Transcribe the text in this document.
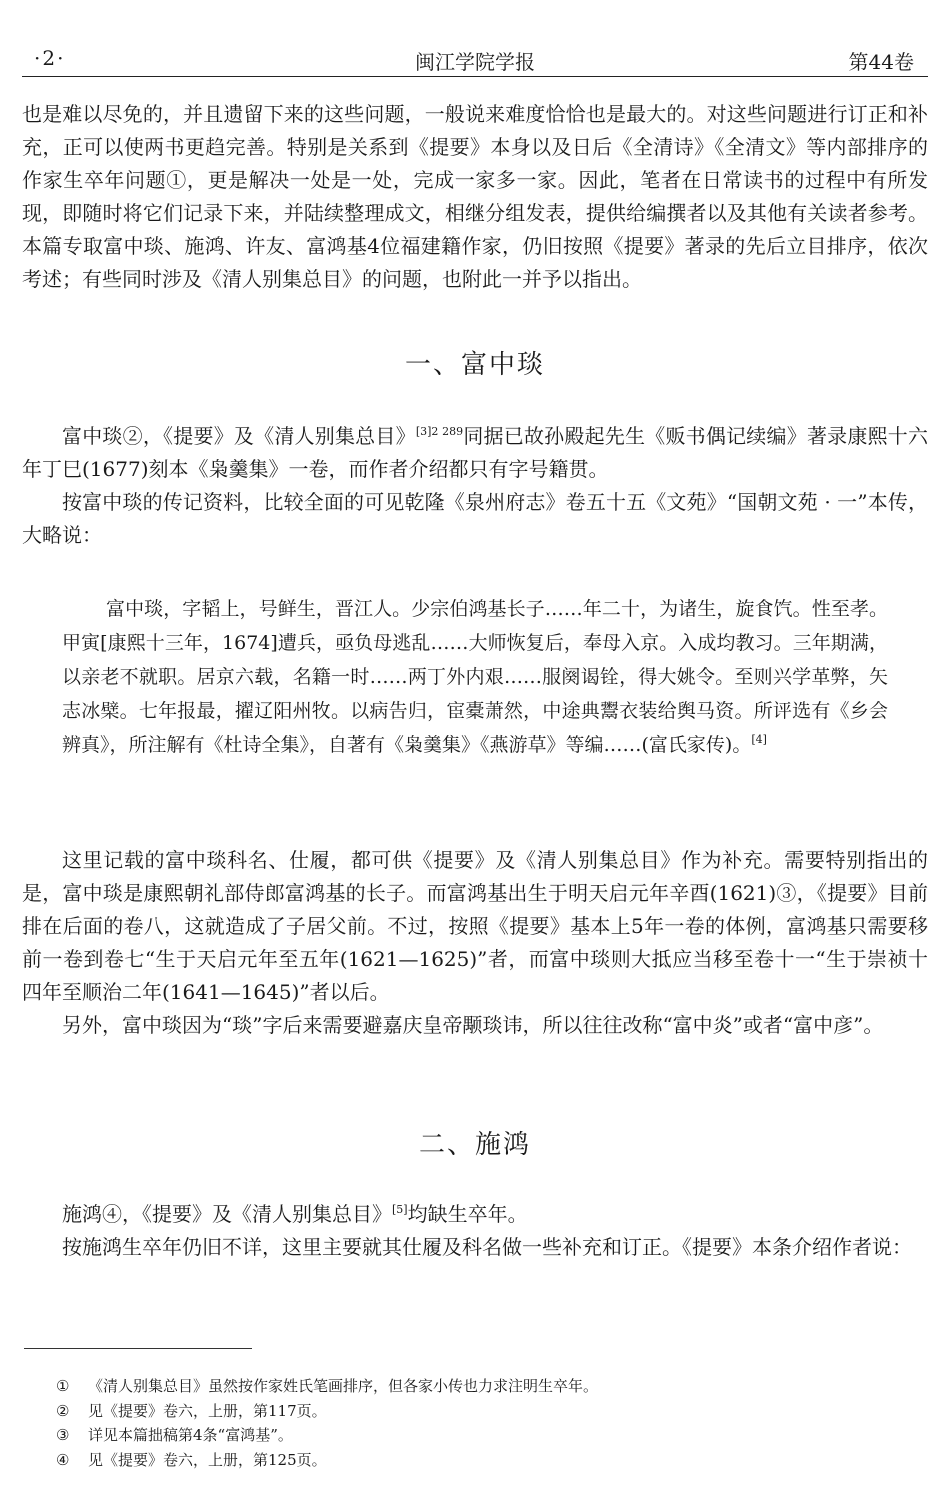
·2·	闽江学院学报	第44卷

也是难以尽免的，并且遗留下来的这些问题，一般说来难度恰恰也是最大的。对这些问题进行订正和补充，正可以使两书更趋完善。特别是关系到《提要》本身以及日后《全清诗》《全清文》等内部排序的作家生卒年问题①，更是解决一处是一处，完成一家多一家。因此，笔者在日常读书的过程中有所发现，即随时将它们记录下来，并陆续整理成文，相继分组发表，提供给编撰者以及其他有关读者参考。本篇专取富中琰、施鸿、许友、富鸿基4位福建籍作家，仍旧按照《提要》著录的先后立目排序，依次考述；有些同时涉及《清人别集总目》的问题，也附此一并予以指出。

一、富中琰

富中琰②，《提要》及《清人别集总目》$^{[3]2 289}$同据已故孙殿起先生《贩书偶记续编》著录康熙十六年丁巳(1677)刻本《枭羹集》一卷，而作者介绍都只有字号籍贯。

按富中琰的传记资料，比较全面的可见乾隆《泉州府志》卷五十五《文苑》“国朝文苑 · 一”本传，大略说：

富中琰，字韬上，号鲜生，晋江人。少宗伯鸿基长子……年二十，为诸生，旋食饩。性至孝。甲寅[康熙十三年，1674]遭兵，亟负母逃乱……大师恢复后，奉母入京。入成均教习。三年期满，以亲老不就职。居京六载，名籍一时……两丁外内艰……服阕谒铨，得大姚令。至则兴学革弊，矢志冰檗。七年报最，擢辽阳州牧。以病告归，宦橐萧然，中途典鬻衣装给舆马资。所评选有《乡会辨真》，所注解有《杜诗全集》，自著有《枭羹集》《燕游草》等编……(富氏家传)。[4]

这里记载的富中琰科名、仕履，都可供《提要》及《清人别集总目》作为补充。需要特别指出的是，富中琰是康熙朝礼部侍郎富鸿基的长子。而富鸿基出生于明天启元年辛酉(1621)③，《提要》目前排在后面的卷八，这就造成了子居父前。不过，按照《提要》基本上5年一卷的体例，富鸿基只需要移前一卷到卷七“生于天启元年至五年(1621—1625)”者，而富中琰则大抵应当移至卷十一“生于崇祯十四年至顺治二年(1641—1645)”者以后。

另外，富中琰因为“琰”字后来需要避嘉庆皇帝颙琰讳，所以往往改称“富中炎”或者“富中彦”。

二、施鸿

施鸿④，《提要》及《清人别集总目》[5]均缺生卒年。

按施鸿生卒年仍旧不详，这里主要就其仕履及科名做一些补充和订正。《提要》本条介绍作者说：

①	《清人别集总目》虽然按作家姓氏笔画排序，但各家小传也力求注明生卒年。
②	见《提要》卷六，上册，第117页。
③	详见本篇拙稿第4条“富鸿基”。
④	见《提要》卷六，上册，第125页。
